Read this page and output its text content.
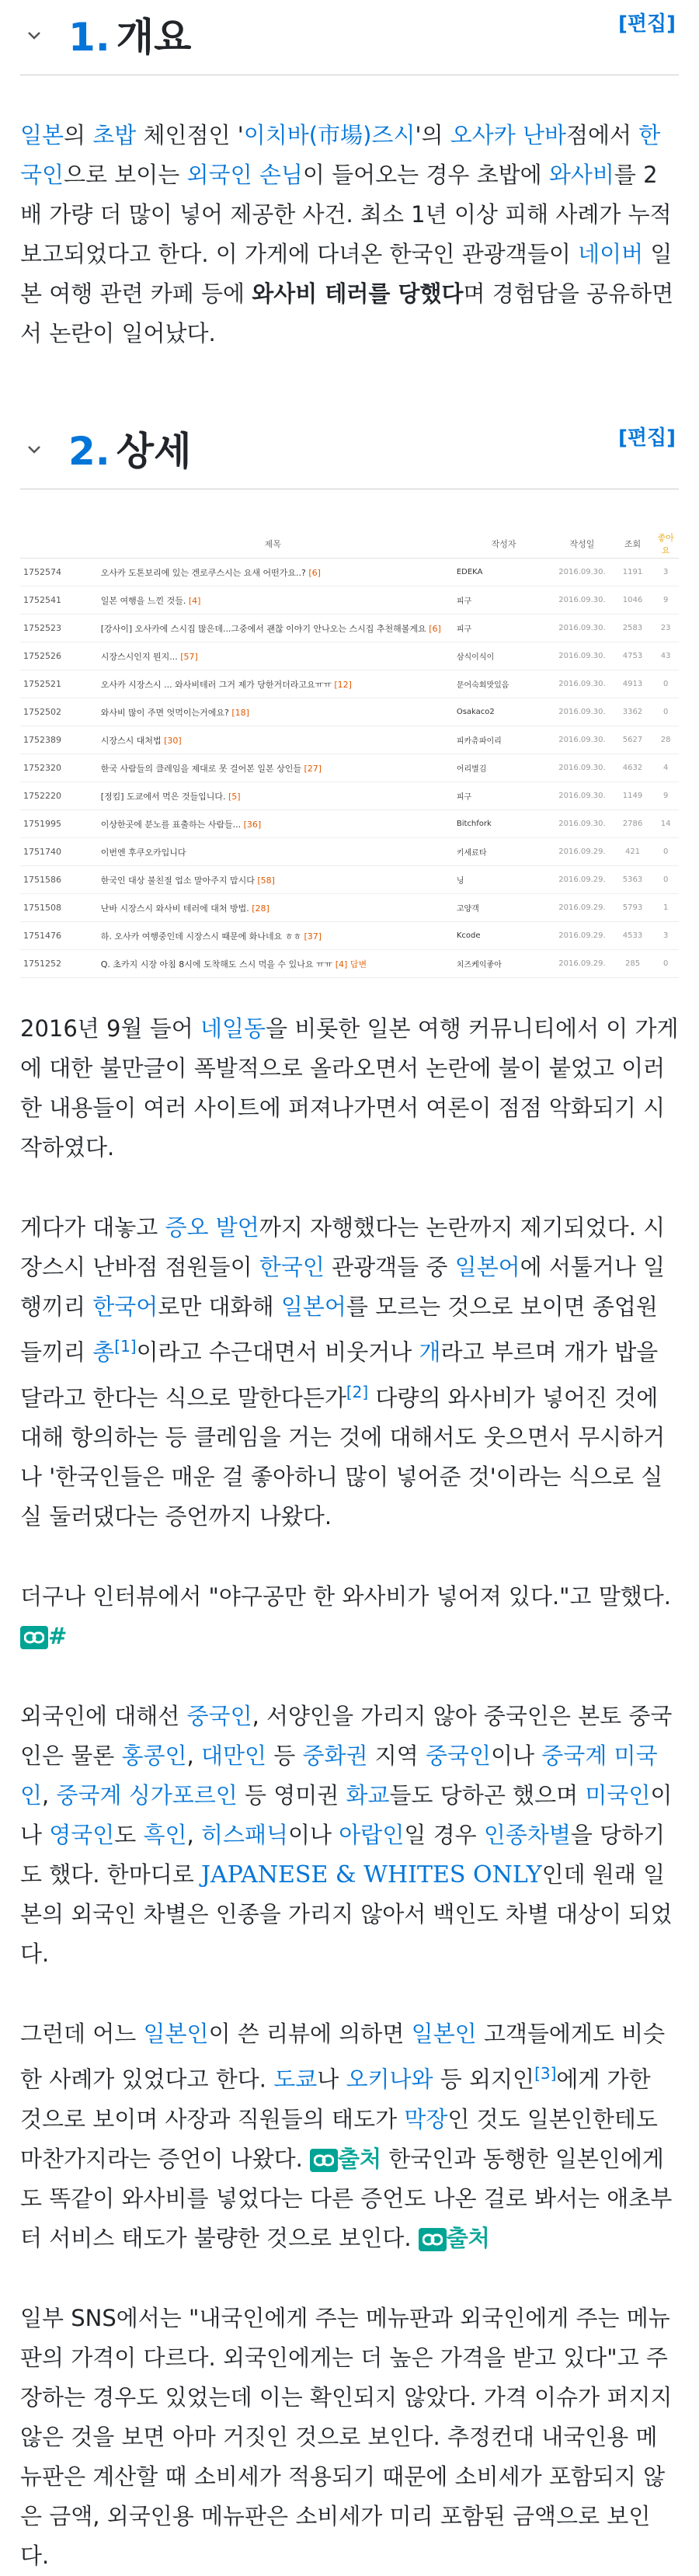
1. 개요	[편집]

일본의 초밥 체인점인 '이치바(市場)즈시'의 오사카 난바점에서 한국인으로 보이는 외국인 손님이 들어오는 경우 초밥에 와사비를 2배 가량 더 많이 넣어 제공한 사건. 최소 1년 이상 피해 사례가 누적 보고되었다고 한다. 이 가게에 다녀온 한국인 관광객들이 네이버 일본 여행 관련 카페 등에 와사비 테러를 당했다며 경험담을 공유하면서 논란이 일어났다.

2. 상세	[편집]
	제목	작성자	작성일	조회	좋아요
1752574	오사카 도톤보리에 있는 겐로쿠스시는 요새 어떤가요..? [6]	EDEKA	2016.09.30.	1191	3
1752541	일본 여행을 느낀 것들. [4]	피구	2016.09.30.	1046	9
1752523	[강사이] 오사카에 스시집 많은데...그중에서 괜찮 이야기 안나오는 스시집 추천해볼게요 [6]	피구	2016.09.30.	2583	23
1752526	시장스시인지 뭔지... [57]	삼식이식이	2016.09.30.	4753	43
1752521	오사카 시장스시 ... 와사비테러 그거 제가 당한거더라고요ㅠㅠ [12]	문어숙회맛있음	2016.09.30.	4913	0
1752502	와사비 많이 주면 엇먹이는거에요? [18]	Osakaco2	2016.09.30.	3362	0
1752389	시장스시 대처법 [30]	피카츄파이리	2016.09.30.	5627	28
1752320	한국 사람들의 클레임을 제대로 못 걸어본 일본 상인들 [27]	어리별김	2016.09.30.	4632	4
1752220	[정킴] 도쿄에서 먹은 것들입니다. [5]	피구	2016.09.30.	1149	9
1751995	이상한곳에 분노를 표출하는 사람들... [36]	Bitchfork	2016.09.30.	2786	14
1751740	이번엔 후쿠오카입니다	키세료타	2016.09.29.	421	0
1751586	한국인 대상 불친절 업소 말아주지 맙시다 [58]	닝	2016.09.29.	5363	0
1751508	난바 시장스시 와사비 테러에 대처 방법. [28]	고양객	2016.09.29.	5793	1
1751476	하. 오사카 여행중인데 시장스시 때문에 화나네요 ㅎㅎ [37]	Kcode	2016.09.29.	4533	3
1751252	Q. 초카지 시장 아침 8시에 도착해도 스시 먹을 수 있나요 ㅠㅠ [4] 답변	치즈케익좋아	2016.09.29.	285	0

2016년 9월 들어 네일동을 비롯한 일본 여행 커뮤니티에서 이 가게에 대한 불만글이 폭발적으로 올라오면서 논란에 불이 붙었고 이러한 내용들이 여러 사이트에 퍼져나가면서 여론이 점점 악화되기 시작하였다.

게다가 대놓고 증오 발언까지 자행했다는 논란까지 제기되었다. 시장스시 난바점 점원들이 한국인 관광객들 중 일본어에 서툴거나 일행끼리 한국어로만 대화해 일본어를 모르는 것으로 보이면 종업원들끼리 총[1]이라고 수근대면서 비웃거나 개라고 부르며 개가 밥을 달라고 한다는 식으로 말한다든가[2] 다량의 와사비가 넣어진 것에 대해 항의하는 등 클레임을 거는 것에 대해서도 웃으면서 무시하거나 '한국인들은 매운 걸 좋아하니 많이 넣어준 것'이라는 식으로 실실 둘러댔다는 증언까지 나왔다.

더구나 인터뷰에서 "야구공만 한 와사비가 넣어져 있다."고 말했다.
#

외국인에 대해선 중국인, 서양인을 가리지 않아 중국인은 본토 중국인은 물론 홍콩인, 대만인 등 중화권 지역 중국인이나 중국계 미국인, 중국계 싱가포르인 등 영미권 화교들도 당하곤 했으며 미국인이나 영국인도 흑인, 히스패닉이나 아랍인일 경우 인종차별을 당하기도 했다. 한마디로 JAPANESE & WHITES ONLY인데 원래 일본의 외국인 차별은 인종을 가리지 않아서 백인도 차별 대상이 되었다.

그런데 어느 일본인이 쓴 리뷰에 의하면 일본인 고객들에게도 비슷한 사례가 있었다고 한다. 도쿄나 오키나와 등 외지인[3]에게 가한 것으로 보이며 사장과 직원들의 태도가 막장인 것도 일본인한테도 마찬가지라는 증언이 나왔다.
출처 한국인과 동행한 일본인에게도 똑같이 와사비를 넣었다는 다른 증언도 나온 걸로 봐서는 애초부터 서비스 태도가 불량한 것으로 보인다.
출처

일부 SNS에서는 "내국인에게 주는 메뉴판과 외국인에게 주는 메뉴판의 가격이 다르다. 외국인에게는 더 높은 가격을 받고 있다"고 주장하는 경우도 있었는데 이는 확인되지 않았다. 가격 이슈가 퍼지지 않은 것을 보면 아마 거짓인 것으로 보인다. 추정컨대 내국인용 메뉴판은 계산할 때 소비세가 적용되기 때문에 소비세가 포함되지 않은 금액, 외국인용 메뉴판은 소비세가 미리 포함된 금액으로 보인다.
